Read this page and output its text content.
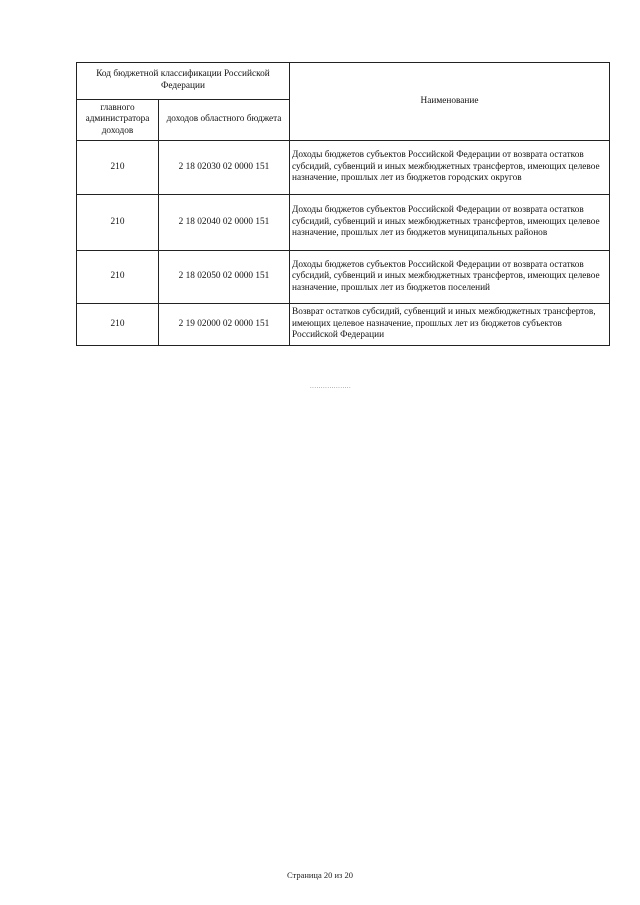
Код бюджетной классификации Российской Федерации		Наименование
главного администратора доходов	доходов областного бюджета	
210	2 18 02030 02 0000 151	Доходы бюджетов субъектов Российской Федерации от возврата остатков субсидий, субвенций и иных межбюджетных трансфертов, имеющих целевое назначение, прошлых лет из бюджетов городских округов
210	2 18 02040 02 0000 151	Доходы бюджетов субъектов Российской Федерации от возврата остатков субсидий, субвенций и иных межбюджетных трансфертов, имеющих целевое назначение, прошлых лет из бюджетов муниципальных районов
210	2 18 02050 02 0000 151	Доходы бюджетов субъектов Российской Федерации от возврата остатков субсидий, субвенций и иных межбюджетных трансфертов, имеющих целевое назначение, прошлых лет из бюджетов поселений
210	2 19 02000 02 0000 151	Возврат остатков субсидий, субвенций и иных межбюджетных трансфертов, имеющих целевое назначение, прошлых лет из бюджетов субъектов Российской Федерации
...................
Страница 20 из 20
